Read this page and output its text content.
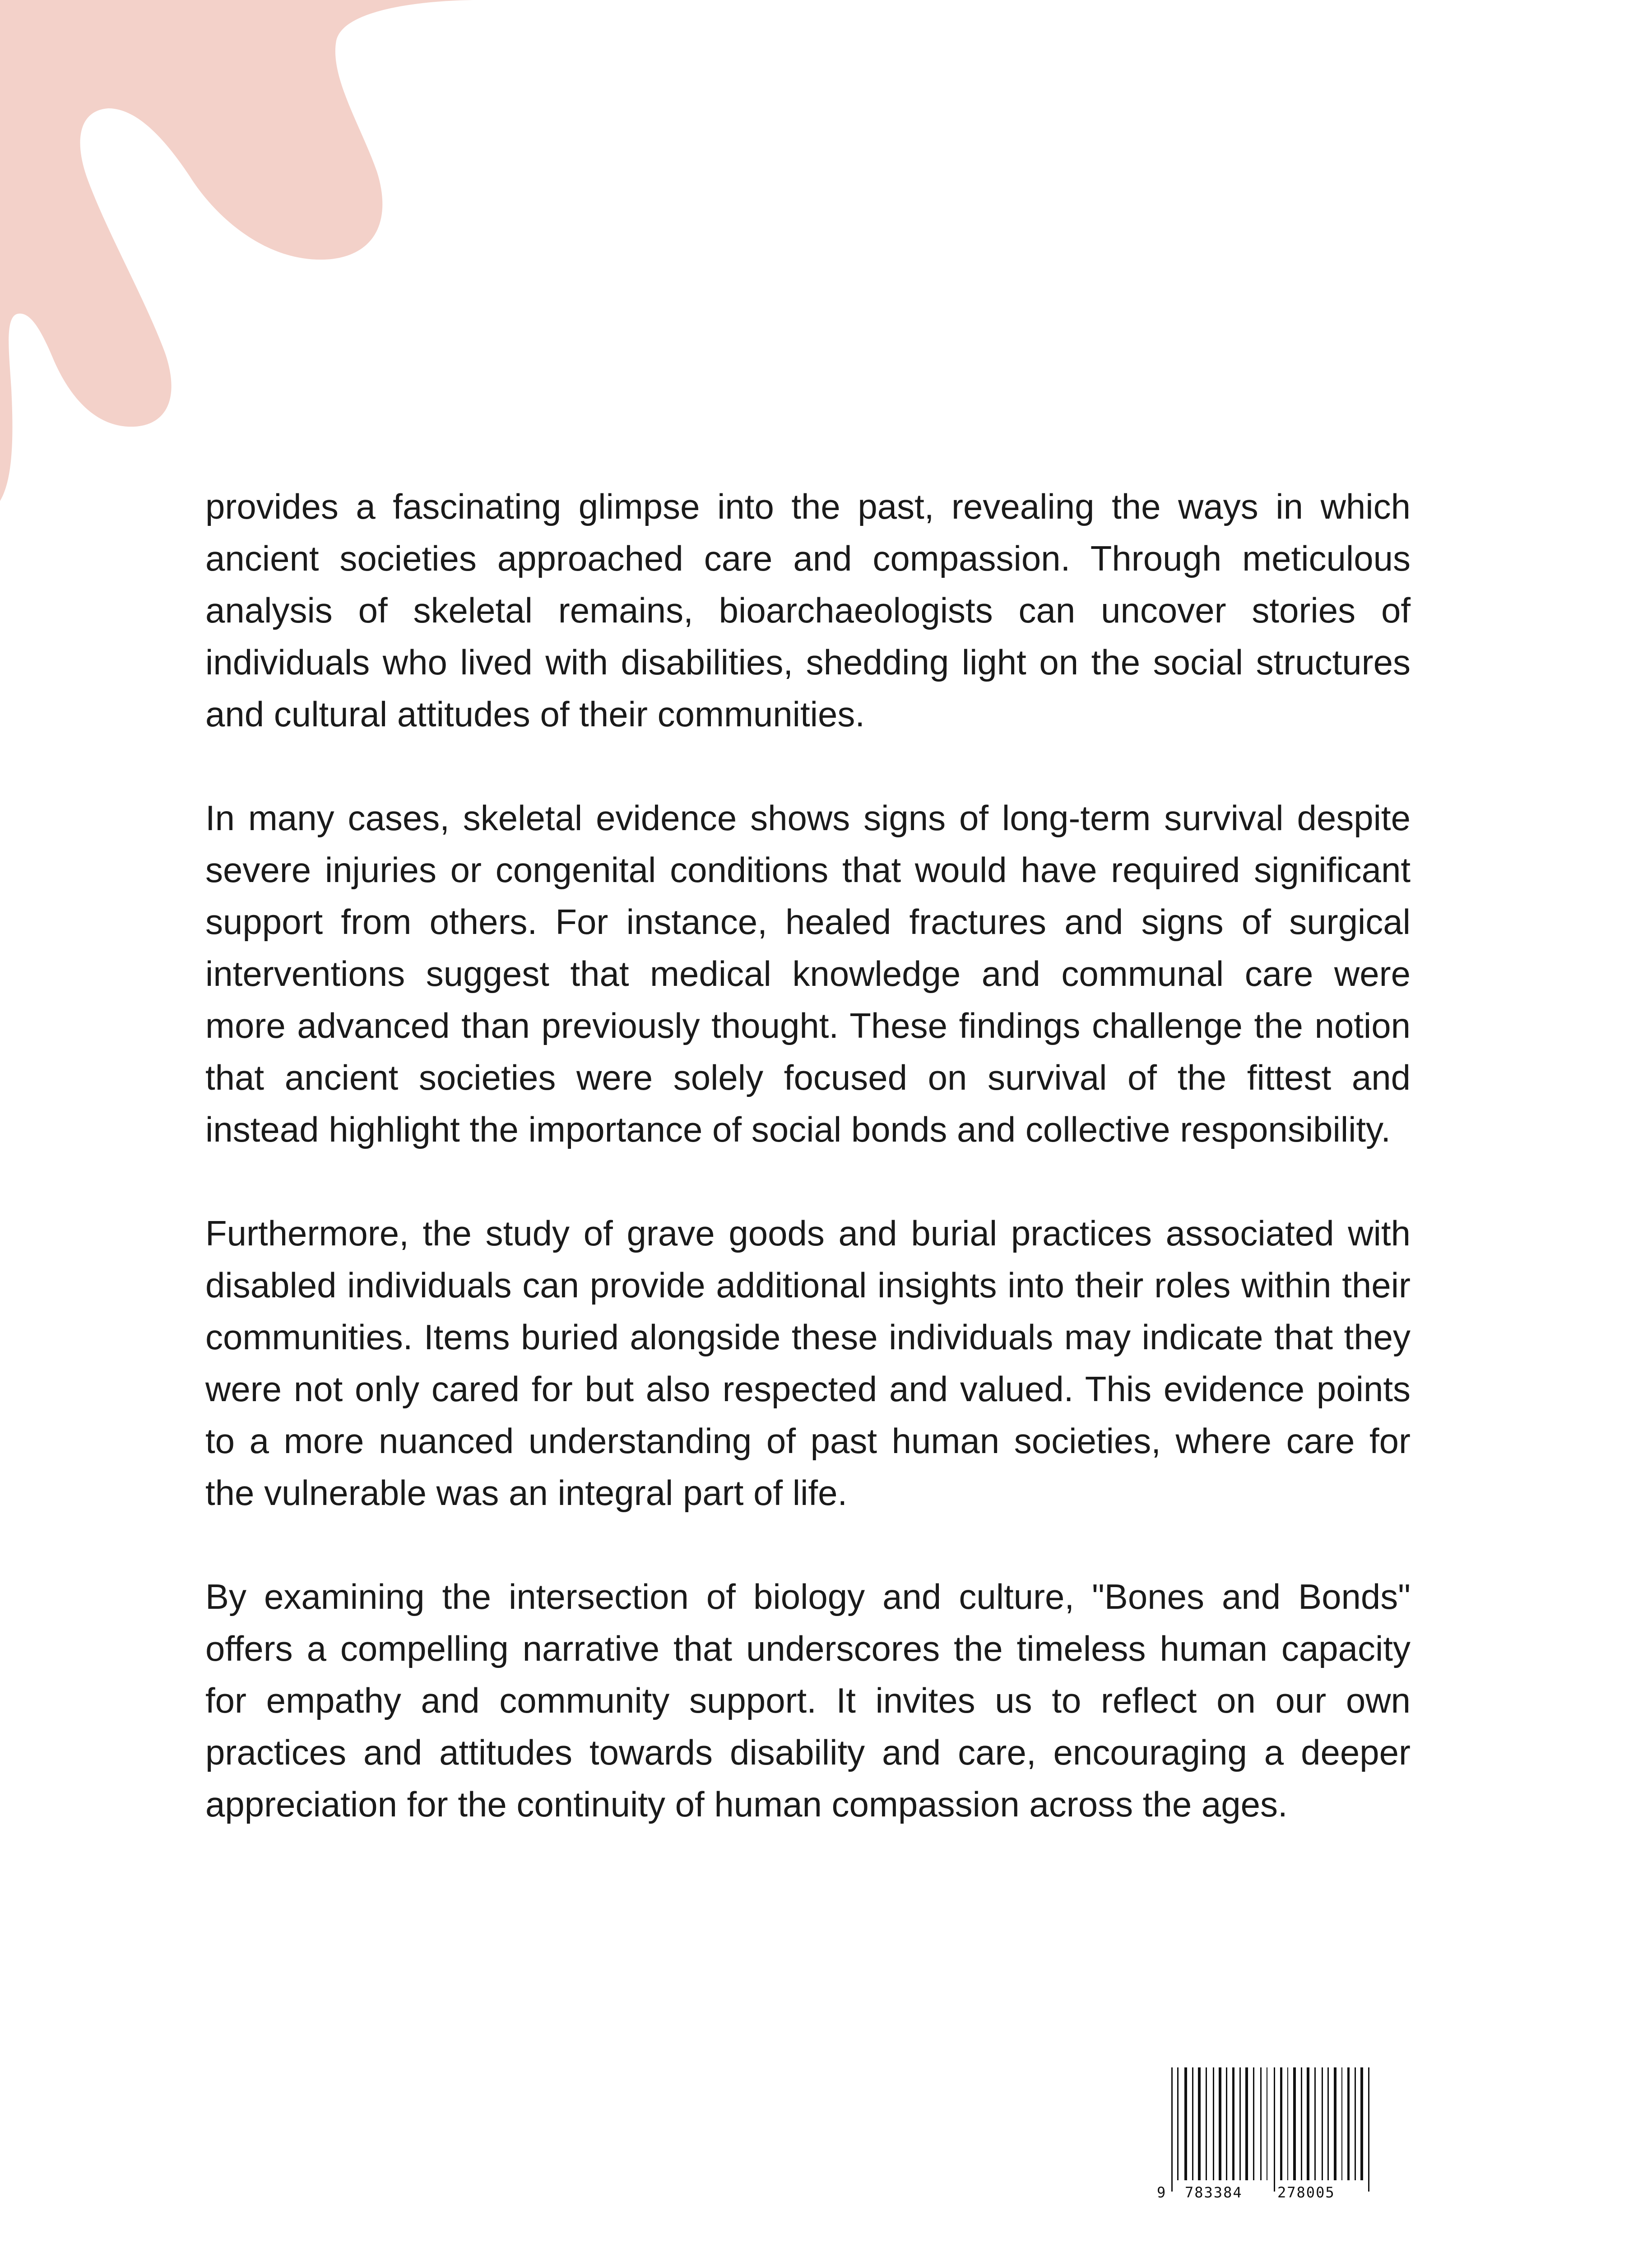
provides a fascinating glimpse into the past, revealing the ways in which ancient societies approached care and compassion. Through meticulous analysis of skeletal remains, bioarchaeologists can uncover stories of individuals who lived with disabilities, shedding light on the social structures and cultural attitudes of their communities.

In many cases, skeletal evidence shows signs of long-term survival despite severe injuries or congenital conditions that would have required significant support from others. For instance, healed fractures and signs of surgical interventions suggest that medical knowledge and communal care were more advanced than previously thought. These findings challenge the notion that ancient societies were solely focused on survival of the fittest and instead highlight the importance of social bonds and collective responsibility.

Furthermore, the study of grave goods and burial practices associated with disabled individuals can provide additional insights into their roles within their communities. Items buried alongside these individuals may indicate that they were not only cared for but also respected and valued. This evidence points to a more nuanced understanding of past human societies, where care for the vulnerable was an integral part of life.

By examining the intersection of biology and culture, "Bones and Bonds" offers a compelling narrative that underscores the timeless human capacity for empathy and community support. It invites us to reflect on our own practices and attitudes towards disability and care, encouraging a deeper appreciation for the continuity of human compassion across the ages.

9 783384 278005
